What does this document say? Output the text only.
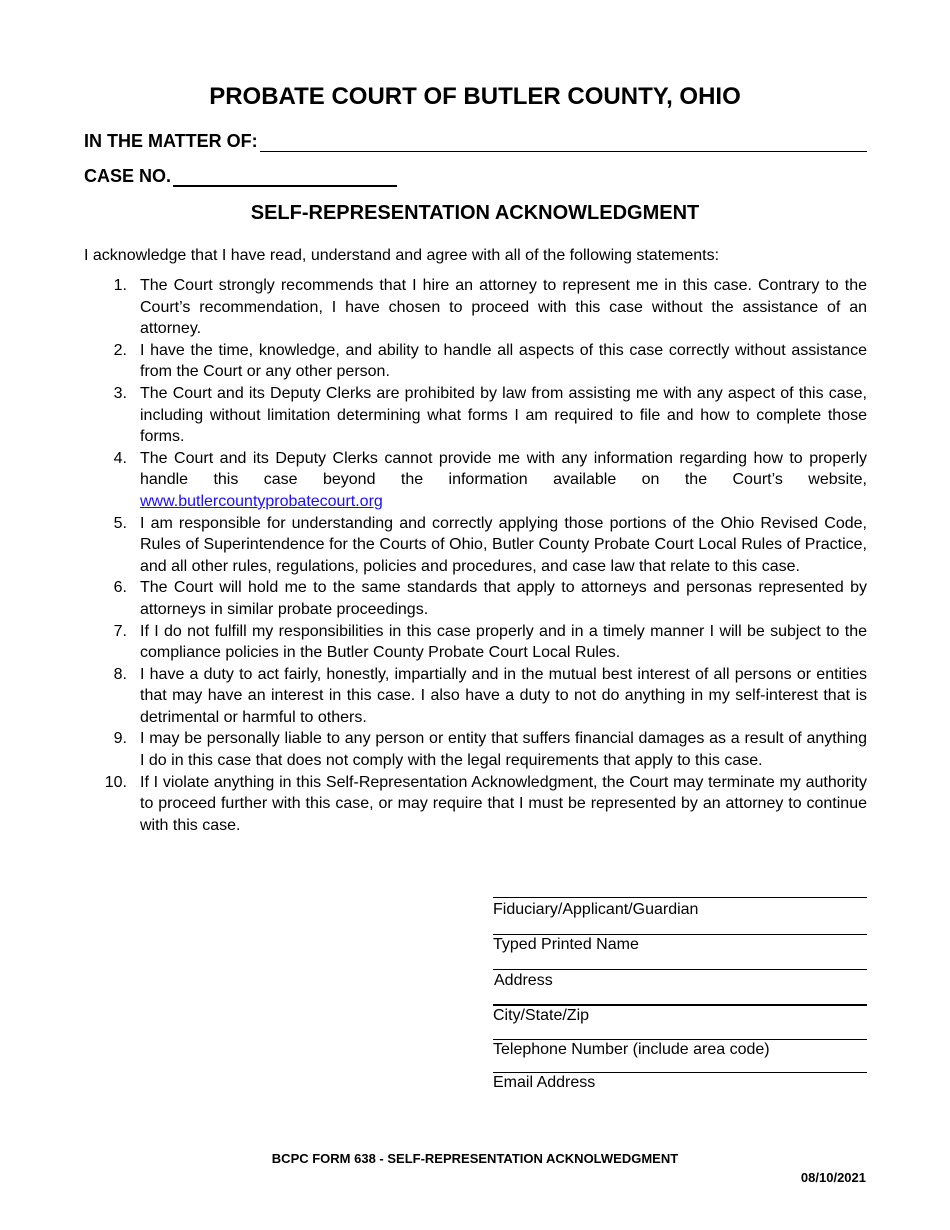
PROBATE COURT OF BUTLER COUNTY, OHIO
IN THE MATTER OF:
CASE NO.
SELF-REPRESENTATION ACKNOWLEDGMENT
I acknowledge that I have read, understand and agree with all of the following statements:
1. The Court strongly recommends that I hire an attorney to represent me in this case. Contrary to the Court’s recommendation, I have chosen to proceed with this case without the assistance of an attorney.
2. I have the time, knowledge, and ability to handle all aspects of this case correctly without assistance from the Court or any other person.
3. The Court and its Deputy Clerks are prohibited by law from assisting me with any aspect of this case, including without limitation determining what forms I am required to file and how to complete those forms.
4. The Court and its Deputy Clerks cannot provide me with any information regarding how to properly handle this case beyond the information available on the Court’s website, www.butlercountyprobatecourt.org
5. I am responsible for understanding and correctly applying those portions of the Ohio Revised Code, Rules of Superintendence for the Courts of Ohio, Butler County Probate Court Local Rules of Practice, and all other rules, regulations, policies and procedures, and case law that relate to this case.
6. The Court will hold me to the same standards that apply to attorneys and personas represented by attorneys in similar probate proceedings.
7. If I do not fulfill my responsibilities in this case properly and in a timely manner I will be subject to the compliance policies in the Butler County Probate Court Local Rules.
8. I have a duty to act fairly, honestly, impartially and in the mutual best interest of all persons or entities that may have an interest in this case. I also have a duty to not do anything in my self-interest that is detrimental or harmful to others.
9. I may be personally liable to any person or entity that suffers financial damages as a result of anything I do in this case that does not comply with the legal requirements that apply to this case.
10. If I violate anything in this Self-Representation Acknowledgment, the Court may terminate my authority to proceed further with this case, or may require that I must be represented by an attorney to continue with this case.
Fiduciary/Applicant/Guardian
Typed Printed Name
Address
City/State/Zip
Telephone Number (include area code)
Email Address
BCPC FORM 638 - SELF-REPRESENTATION ACKNOLWEDGMENT
08/10/2021
